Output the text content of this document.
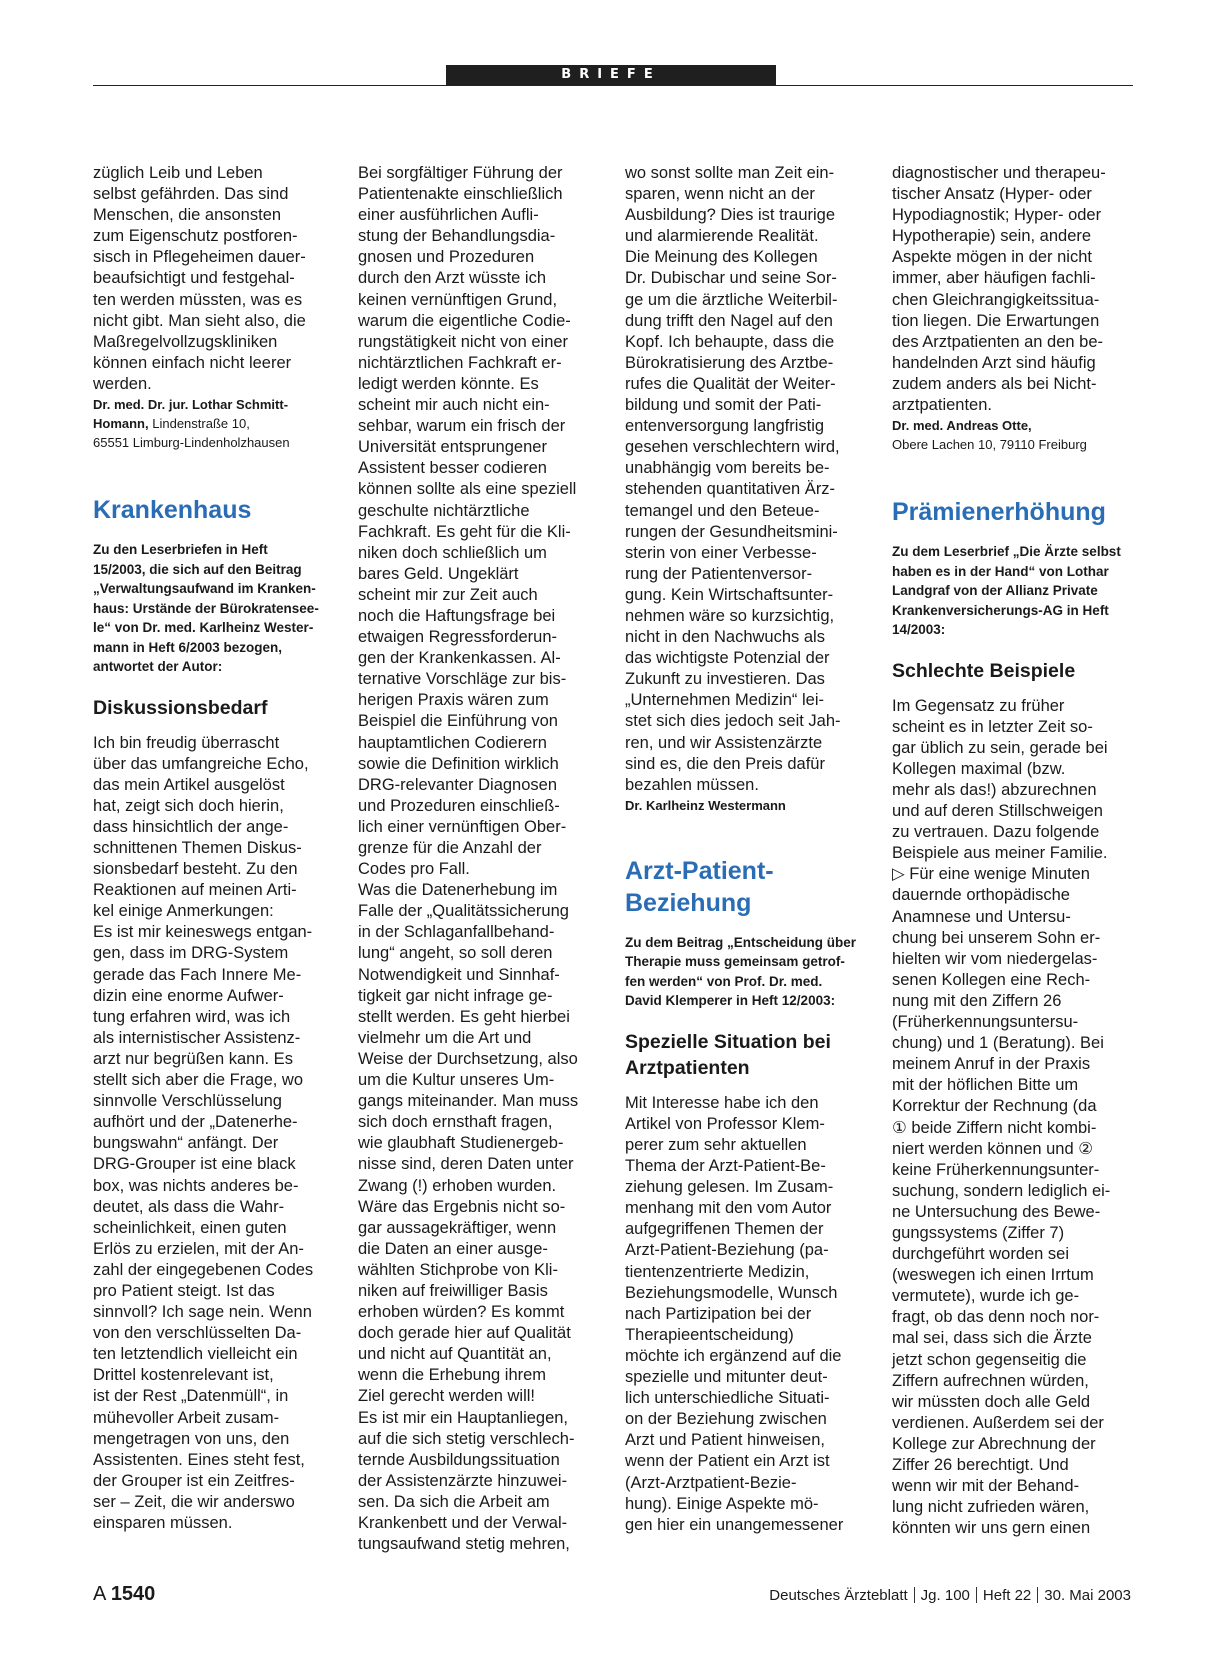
BRIEFE

züglich Leib und Leben
selbst gefährden. Das sind
Menschen, die ansonsten
zum Eigenschutz postforen-
sisch in Pflegeheimen dauer-
beaufsichtigt und festgehal-
ten werden müssten, was es
nicht gibt. Man sieht also, die
Maßregelvollzugskliniken
können einfach nicht leerer
werden.

Dr. med. Dr. jur. Lothar Schmitt-
Homann, Lindenstraße 10,
65551 Limburg-Lindenholzhausen

Krankenhaus
Zu den Leserbriefen in Heft
15/2003, die sich auf den Beitrag
„Verwaltungsaufwand im Kranken-
haus: Urstände der Bürokratensee-
le“ von Dr. med. Karlheinz Wester-
mann in Heft 6/2003 bezogen,
antwortet der Autor:
Diskussionsbedarf

Ich bin freudig überrascht
über das umfangreiche Echo,
das mein Artikel ausgelöst
hat, zeigt sich doch hierin,
dass hinsichtlich der ange-
schnittenen Themen Diskus-
sionsbedarf besteht. Zu den
Reaktionen auf meinen Arti-
kel einige Anmerkungen:
Es ist mir keineswegs entgan-
gen, dass im DRG-System
gerade das Fach Innere Me-
dizin eine enorme Aufwer-
tung erfahren wird, was ich
als internistischer Assistenz-
arzt nur begrüßen kann. Es
stellt sich aber die Frage, wo
sinnvolle Verschlüsselung
aufhört und der „Datenerhe-
bungswahn“ anfängt. Der
DRG-Grouper ist eine black
box, was nichts anderes be-
deutet, als dass die Wahr-
scheinlichkeit, einen guten
Erlös zu erzielen, mit der An-
zahl der eingegebenen Codes
pro Patient steigt. Ist das
sinnvoll? Ich sage nein. Wenn
von den verschlüsselten Da-
ten letztendlich vielleicht ein
Drittel kostenrelevant ist,
ist der Rest „Datenmüll“, in
mühevoller Arbeit zusam-
mengetragen von uns, den
Assistenten. Eines steht fest,
der Grouper ist ein Zeitfres-
ser – Zeit, die wir anderswo
einsparen müssen.

Bei sorgfältiger Führung der
Patientenakte einschließlich
einer ausführlichen Aufli-
stung der Behandlungsdia-
gnosen und Prozeduren
durch den Arzt wüsste ich
keinen vernünftigen Grund,
warum die eigentliche Codie-
rungstätigkeit nicht von einer
nichtärztlichen Fachkraft er-
ledigt werden könnte. Es
scheint mir auch nicht ein-
sehbar, warum ein frisch der
Universität entsprungener
Assistent besser codieren
können sollte als eine speziell
geschulte nichtärztliche
Fachkraft. Es geht für die Kli-
niken doch schließlich um
bares Geld. Ungeklärt
scheint mir zur Zeit auch
noch die Haftungsfrage bei
etwaigen Regressforderun-
gen der Krankenkassen. Al-
ternative Vorschläge zur bis-
herigen Praxis wären zum
Beispiel die Einführung von
hauptamtlichen Codierern
sowie die Definition wirklich
DRG-relevanter Diagnosen
und Prozeduren einschließ-
lich einer vernünftigen Ober-
grenze für die Anzahl der
Codes pro Fall.
Was die Datenerhebung im
Falle der „Qualitätssicherung
in der Schlaganfallbehand-
lung“ angeht, so soll deren
Notwendigkeit und Sinnhaf-
tigkeit gar nicht infrage ge-
stellt werden. Es geht hierbei
vielmehr um die Art und
Weise der Durchsetzung, also
um die Kultur unseres Um-
gangs miteinander. Man muss
sich doch ernsthaft fragen,
wie glaubhaft Studienergeb-
nisse sind, deren Daten unter
Zwang (!) erhoben wurden.
Wäre das Ergebnis nicht so-
gar aussagekräftiger, wenn
die Daten an einer ausge-
wählten Stichprobe von Kli-
niken auf freiwilliger Basis
erhoben würden? Es kommt
doch gerade hier auf Qualität
und nicht auf Quantität an,
wenn die Erhebung ihrem
Ziel gerecht werden will!
Es ist mir ein Hauptanliegen,
auf die sich stetig verschlech-
ternde Ausbildungssituation
der Assistenzärzte hinzuwei-
sen. Da sich die Arbeit am
Krankenbett und der Verwal-
tungsaufwand stetig mehren,

wo sonst sollte man Zeit ein-
sparen, wenn nicht an der
Ausbildung? Dies ist traurige
und alarmierende Realität.
Die Meinung des Kollegen
Dr. Dubischar und seine Sor-
ge um die ärztliche Weiterbil-
dung trifft den Nagel auf den
Kopf. Ich behaupte, dass die
Bürokratisierung des Arztbe-
rufes die Qualität der Weiter-
bildung und somit der Pati-
entenversorgung langfristig
gesehen verschlechtern wird,
unabhängig vom bereits be-
stehenden quantitativen Ärz-
temangel und den Beteue-
rungen der Gesundheitsmini-
sterin von einer Verbesse-
rung der Patientenversor-
gung. Kein Wirtschaftsunter-
nehmen wäre so kurzsichtig,
nicht in den Nachwuchs als
das wichtigste Potenzial der
Zukunft zu investieren. Das
„Unternehmen Medizin“ lei-
stet sich dies jedoch seit Jah-
ren, und wir Assistenzärzte
sind es, die den Preis dafür
bezahlen müssen.

Dr. Karlheinz Westermann

Arzt-Patient-
Beziehung
Zu dem Beitrag „Entscheidung über
Therapie muss gemeinsam getrof-
fen werden“ von Prof. Dr. med.
David Klemperer in Heft 12/2003:
Spezielle Situation bei
Arztpatienten

Mit Interesse habe ich den
Artikel von Professor Klem-
perer zum sehr aktuellen
Thema der Arzt-Patient-Be-
ziehung gelesen. Im Zusam-
menhang mit den vom Autor
aufgegriffenen Themen der
Arzt-Patient-Beziehung (pa-
tientenzentrierte Medizin,
Beziehungsmodelle, Wunsch
nach Partizipation bei der
Therapieentscheidung)
möchte ich ergänzend auf die
spezielle und mitunter deut-
lich unterschiedliche Situati-
on der Beziehung zwischen
Arzt und Patient hinweisen,
wenn der Patient ein Arzt ist
(Arzt-Arztpatient-Bezie-
hung). Einige Aspekte mö-
gen hier ein unangemessener

diagnostischer und therapeu-
tischer Ansatz (Hyper- oder
Hypodiagnostik; Hyper- oder
Hypotherapie) sein, andere
Aspekte mögen in der nicht
immer, aber häufigen fachli-
chen Gleichrangigkeitssitua-
tion liegen. Die Erwartungen
des Arztpatienten an den be-
handelnden Arzt sind häufig
zudem anders als bei Nicht-
arztpatienten.

Dr. med. Andreas Otte,

Obere Lachen 10, 79110 Freiburg

Prämienerhöhung
Zu dem Leserbrief „Die Ärzte selbst
haben es in der Hand“ von Lothar
Landgraf von der Allianz Private
Krankenversicherungs-AG in Heft
14/2003:
Schlechte Beispiele

Im Gegensatz zu früher
scheint es in letzter Zeit so-
gar üblich zu sein, gerade bei
Kollegen maximal (bzw.
mehr als das!) abzurechnen
und auf deren Stillschweigen
zu vertrauen. Dazu folgende
Beispiele aus meiner Familie.
▷ Für eine wenige Minuten
dauernde orthopädische
Anamnese und Untersu-
chung bei unserem Sohn er-
hielten wir vom niedergelas-
senen Kollegen eine Rech-
nung mit den Ziffern 26
(Früherkennungsuntersu-
chung) und 1 (Beratung). Bei
meinem Anruf in der Praxis
mit der höflichen Bitte um
Korrektur der Rechnung (da
① beide Ziffern nicht kombi-
niert werden können und ②
keine Früherkennungsunter-
suchung, sondern lediglich ei-
ne Untersuchung des Bewe-
gungssystems (Ziffer 7)
durchgeführt worden sei
(weswegen ich einen Irrtum
vermutete), wurde ich ge-
fragt, ob das denn noch nor-
mal sei, dass sich die Ärzte
jetzt schon gegenseitig die
Ziffern aufrechnen würden,
wir müssten doch alle Geld
verdienen. Außerdem sei der
Kollege zur Abrechnung der
Ziffer 26 berechtigt. Und
wenn wir mit der Behand-
lung nicht zufrieden wären,
könnten wir uns gern einen

A 1540	Deutsches Ärzteblatt Jg. 100 Heft 22 30. Mai 2003
